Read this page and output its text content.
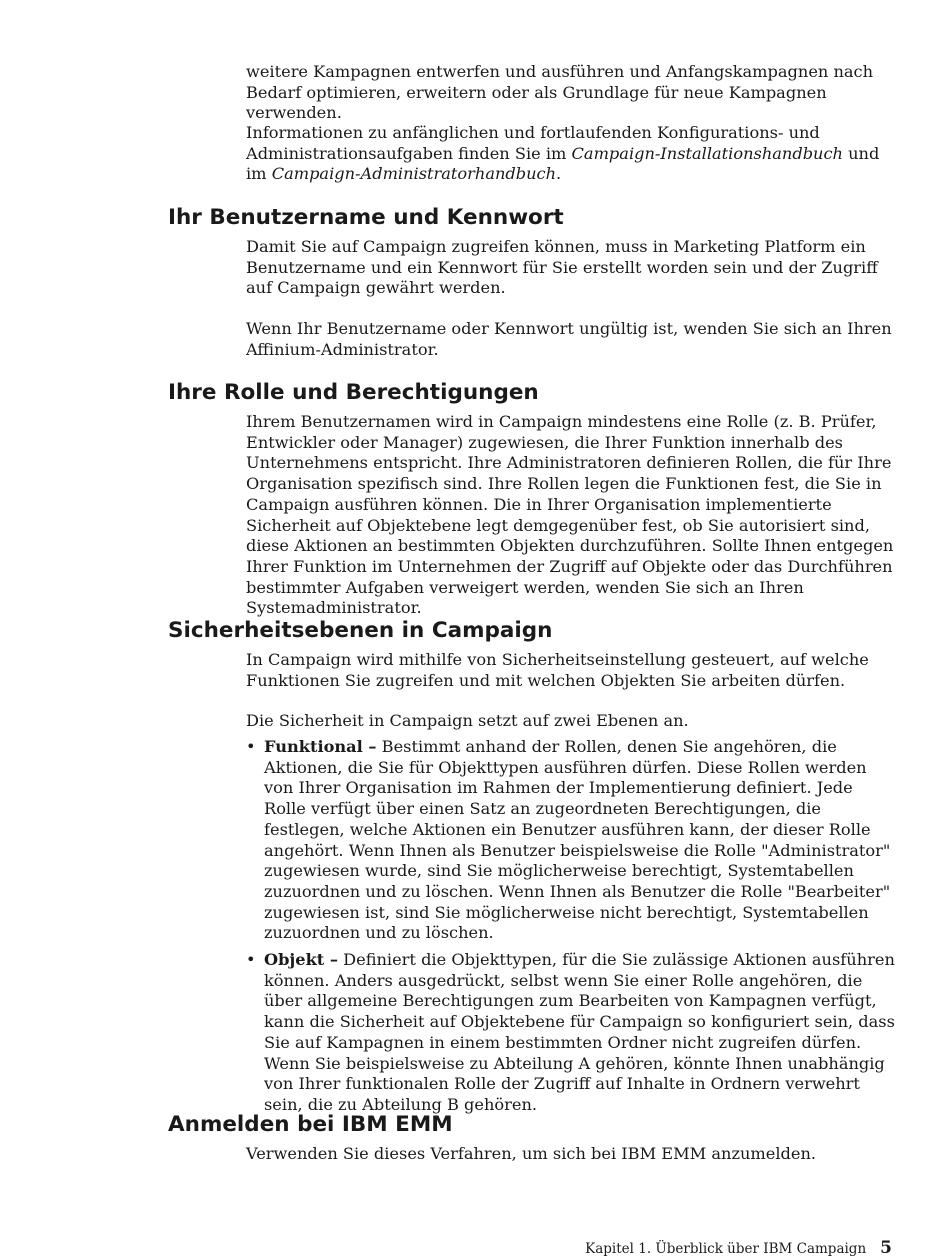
weitere Kampagnen entwerfen und ausführen und Anfangskampagnen nach Bedarf optimieren, erweitern oder als Grundlage für neue Kampagnen verwenden.

Informationen zu anfänglichen und fortlaufenden Konfigurations- und Administrationsaufgaben finden Sie im Campaign-Installationshandbuch und im Campaign-Administratorhandbuch.

Ihr Benutzername und Kennwort

Damit Sie auf Campaign zugreifen können, muss in Marketing Platform ein Benutzername und ein Kennwort für Sie erstellt worden sein und der Zugriff auf Campaign gewährt werden.

Wenn Ihr Benutzername oder Kennwort ungültig ist, wenden Sie sich an Ihren Affinium-Administrator.

Ihre Rolle und Berechtigungen

Ihrem Benutzernamen wird in Campaign mindestens eine Rolle (z. B. Prüfer, Entwickler oder Manager) zugewiesen, die Ihrer Funktion innerhalb des Unternehmens entspricht. Ihre Administratoren definieren Rollen, die für Ihre Organisation spezifisch sind. Ihre Rollen legen die Funktionen fest, die Sie in Campaign ausführen können. Die in Ihrer Organisation implementierte Sicherheit auf Objektebene legt demgegenüber fest, ob Sie autorisiert sind, diese Aktionen an bestimmten Objekten durchzuführen. Sollte Ihnen entgegen Ihrer Funktion im Unternehmen der Zugriff auf Objekte oder das Durchführen bestimmter Aufgaben verweigert werden, wenden Sie sich an Ihren Systemadministrator.

Sicherheitsebenen in Campaign

In Campaign wird mithilfe von Sicherheitseinstellung gesteuert, auf welche Funktionen Sie zugreifen und mit welchen Objekten Sie arbeiten dürfen.

Die Sicherheit in Campaign setzt auf zwei Ebenen an.

• Funktional – Bestimmt anhand der Rollen, denen Sie angehören, die Aktionen, die Sie für Objekttypen ausführen dürfen. Diese Rollen werden von Ihrer Organisation im Rahmen der Implementierung definiert. Jede Rolle verfügt über einen Satz an zugeordneten Berechtigungen, die festlegen, welche Aktionen ein Benutzer ausführen kann, der dieser Rolle angehört. Wenn Ihnen als Benutzer beispielsweise die Rolle "Administrator" zugewiesen wurde, sind Sie möglicherweise berechtigt, Systemtabellen zuzuordnen und zu löschen. Wenn Ihnen als Benutzer die Rolle "Bearbeiter" zugewiesen ist, sind Sie möglicherweise nicht berechtigt, Systemtabellen zuzuordnen und zu löschen.
• Objekt – Definiert die Objekttypen, für die Sie zulässige Aktionen ausführen können. Anders ausgedrückt, selbst wenn Sie einer Rolle angehören, die über allgemeine Berechtigungen zum Bearbeiten von Kampagnen verfügt, kann die Sicherheit auf Objektebene für Campaign so konfiguriert sein, dass Sie auf Kampagnen in einem bestimmten Ordner nicht zugreifen dürfen. Wenn Sie beispielsweise zu Abteilung A gehören, könnte Ihnen unabhängig von Ihrer funktionalen Rolle der Zugriff auf Inhalte in Ordnern verwehrt sein, die zu Abteilung B gehören.
Anmelden bei IBM EMM

Verwenden Sie dieses Verfahren, um sich bei IBM EMM anzumelden.

Kapitel 1. Überblick über IBM Campaign 5
